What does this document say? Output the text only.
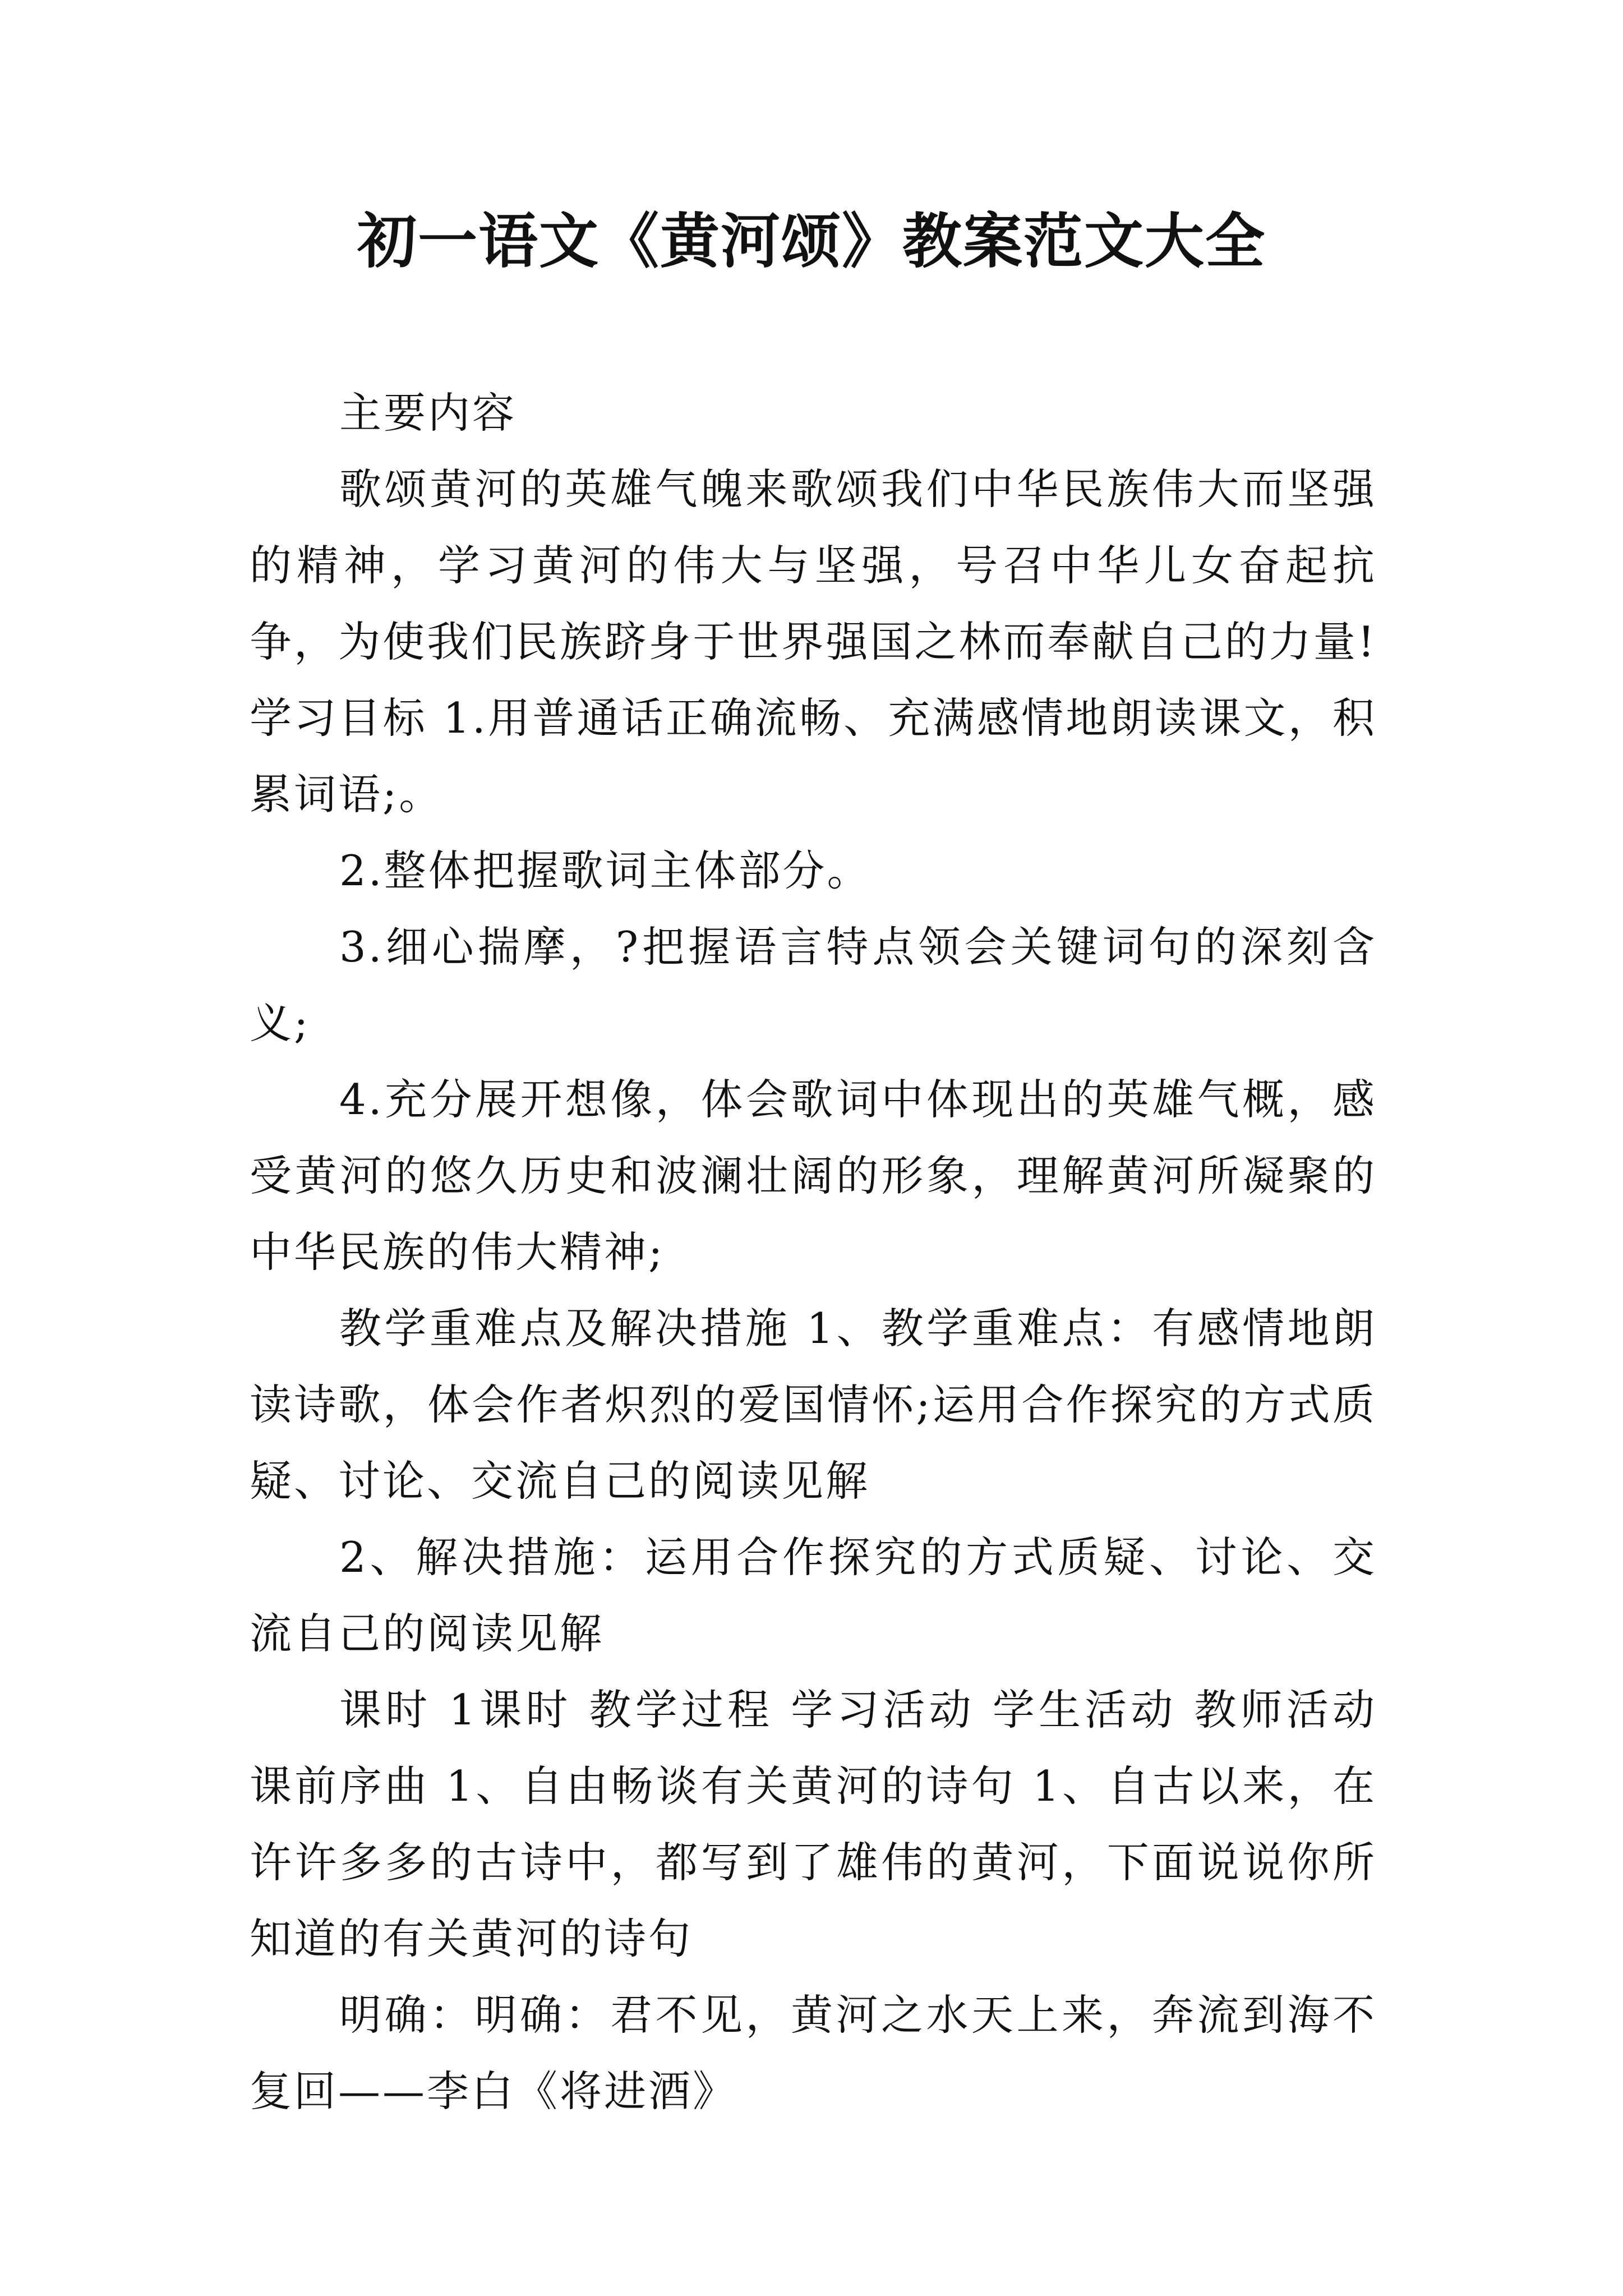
初一语文《黄河颂》教案范文大全

主要内容

歌颂黄河的英雄气魄来歌颂我们中华民族伟大而坚强的精神，学习黄河的伟大与坚强，号召中华儿女奋起抗争，为使我们民族跻身于世界强国之林而奉献自己的力量! 学习目标 1.用普通话正确流畅、充满感情地朗读课文，积累词语;。

2.整体把握歌词主体部分。

3.细心揣摩，?把握语言特点领会关键词句的深刻含义;

4.充分展开想像，体会歌词中体现出的英雄气概，感受黄河的悠久历史和波澜壮阔的形象，理解黄河所凝聚的中华民族的伟大精神;

教学重难点及解决措施 1、教学重难点：有感情地朗读诗歌，体会作者炽烈的爱国情怀;运用合作探究的方式质疑、讨论、交流自己的阅读见解

2、解决措施：运用合作探究的方式质疑、讨论、交流自己的阅读见解

课时 1课时 教学过程 学习活动 学生活动 教师活动 课前序曲 1、自由畅谈有关黄河的诗句 1、自古以来，在许许多多的古诗中，都写到了雄伟的黄河，下面说说你所知道的有关黄河的诗句

明确：明确：君不见，黄河之水天上来，奔流到海不复回——李白《将进酒》
